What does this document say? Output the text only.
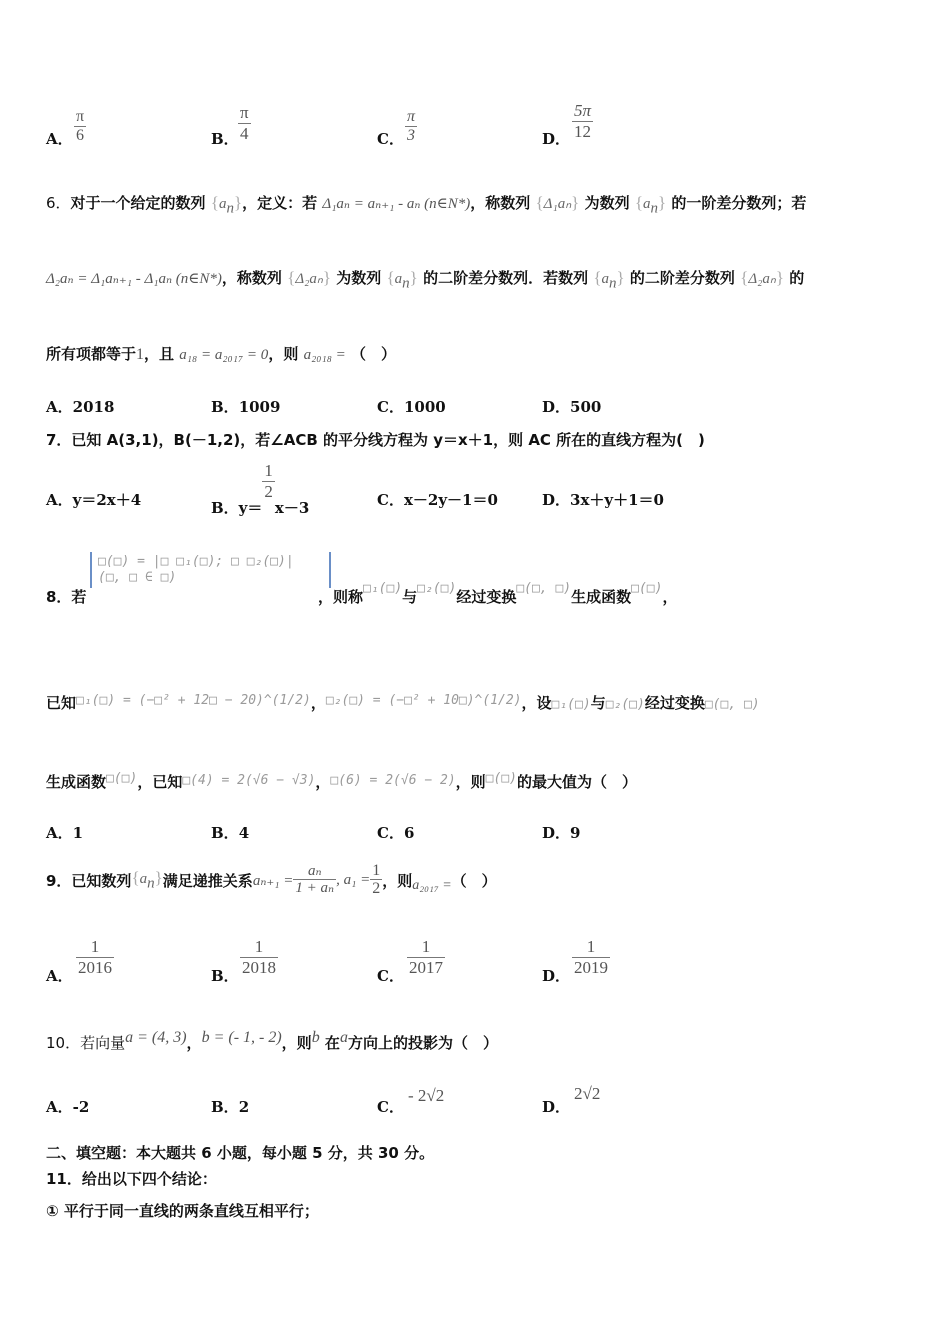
A． $\frac{\pi}{6}$	B． $\frac{\pi}{4}$	C． $\frac{\pi}{3}$	D． $\frac{5\pi}{12}$
6．对于一个给定的数列 $\{a_n\}$，定义：若 Δ₁aₙ = aₙ₊₁ - aₙ (n∈N*)，称数列 {Δ₁aₙ} 为数列 $\{a_n\}$ 的一阶差分数列；若
Δ₂aₙ = Δ₁aₙ₊₁ - Δ₁aₙ (n∈N*)，称数列 {Δ₂aₙ} 为数列 $\{a_n\}$ 的二阶差分数列．若数列 $\{a_n\}$ 的二阶差分数列 {Δ₂aₙ} 的
所有项都等于1，且 a₁₈ = a₂₀₁₇ = 0，则 a₂₀₁₈ = （　）
A．2018	B．1009	C．1000	D．500
7．已知 A(3,1)，B(－1,2)，若∠ACB 的平分线方程为 y＝x＋1，则 AC 所在的直线方程为(　)
A．y＝2x＋4	B．y＝
$\frac{1}{2}$
x－3	C．x－2y－1＝0	D．3x＋y＋1＝0
8．若
□(□) = |□ □₁(□); □ □₂(□)| (□, □ ∈ □)
，则称□₁(□)与□₂(□)经过变换□(□, □)生成函数□(□)，
已知□₁(□) = (−□² + 12□ − 20)^(1/2)，□₂(□) = (−□² + 10□)^(1/2)，设□₁(□)与□₂(□)经过变换□(□, □)
生成函数□(□)，已知□(4) = 2(√6 − √3)，□(6) = 2(√6 − 2)，则□(□)的最大值为（　）
A．1	B．4	C．6	D．9
9．已知数列 $\{a_n\}$ 满足递推关系 $a_{n+1} = \frac{\text{aₙ}}{\text{1 + aₙ}}$ , $a_1 = \frac{1}{2}$ ，则 a₂₀₁₇ = （　）
A． $\frac{1}{2016}$	B． $\frac{1}{2018}$	C． $\frac{1}{2017}$	D． $\frac{1}{2019}$
10．若向量a = (4, 3)，b = (- 1, - 2)，则b 在a方向上的投影为（　）
A．-2	B．2	C．
- 2√2
D．
2√2
二、填空题：本大题共 6 小题，每小题 5 分，共 30 分。
11．给出以下四个结论：
① 平行于同一直线的两条直线互相平行；
